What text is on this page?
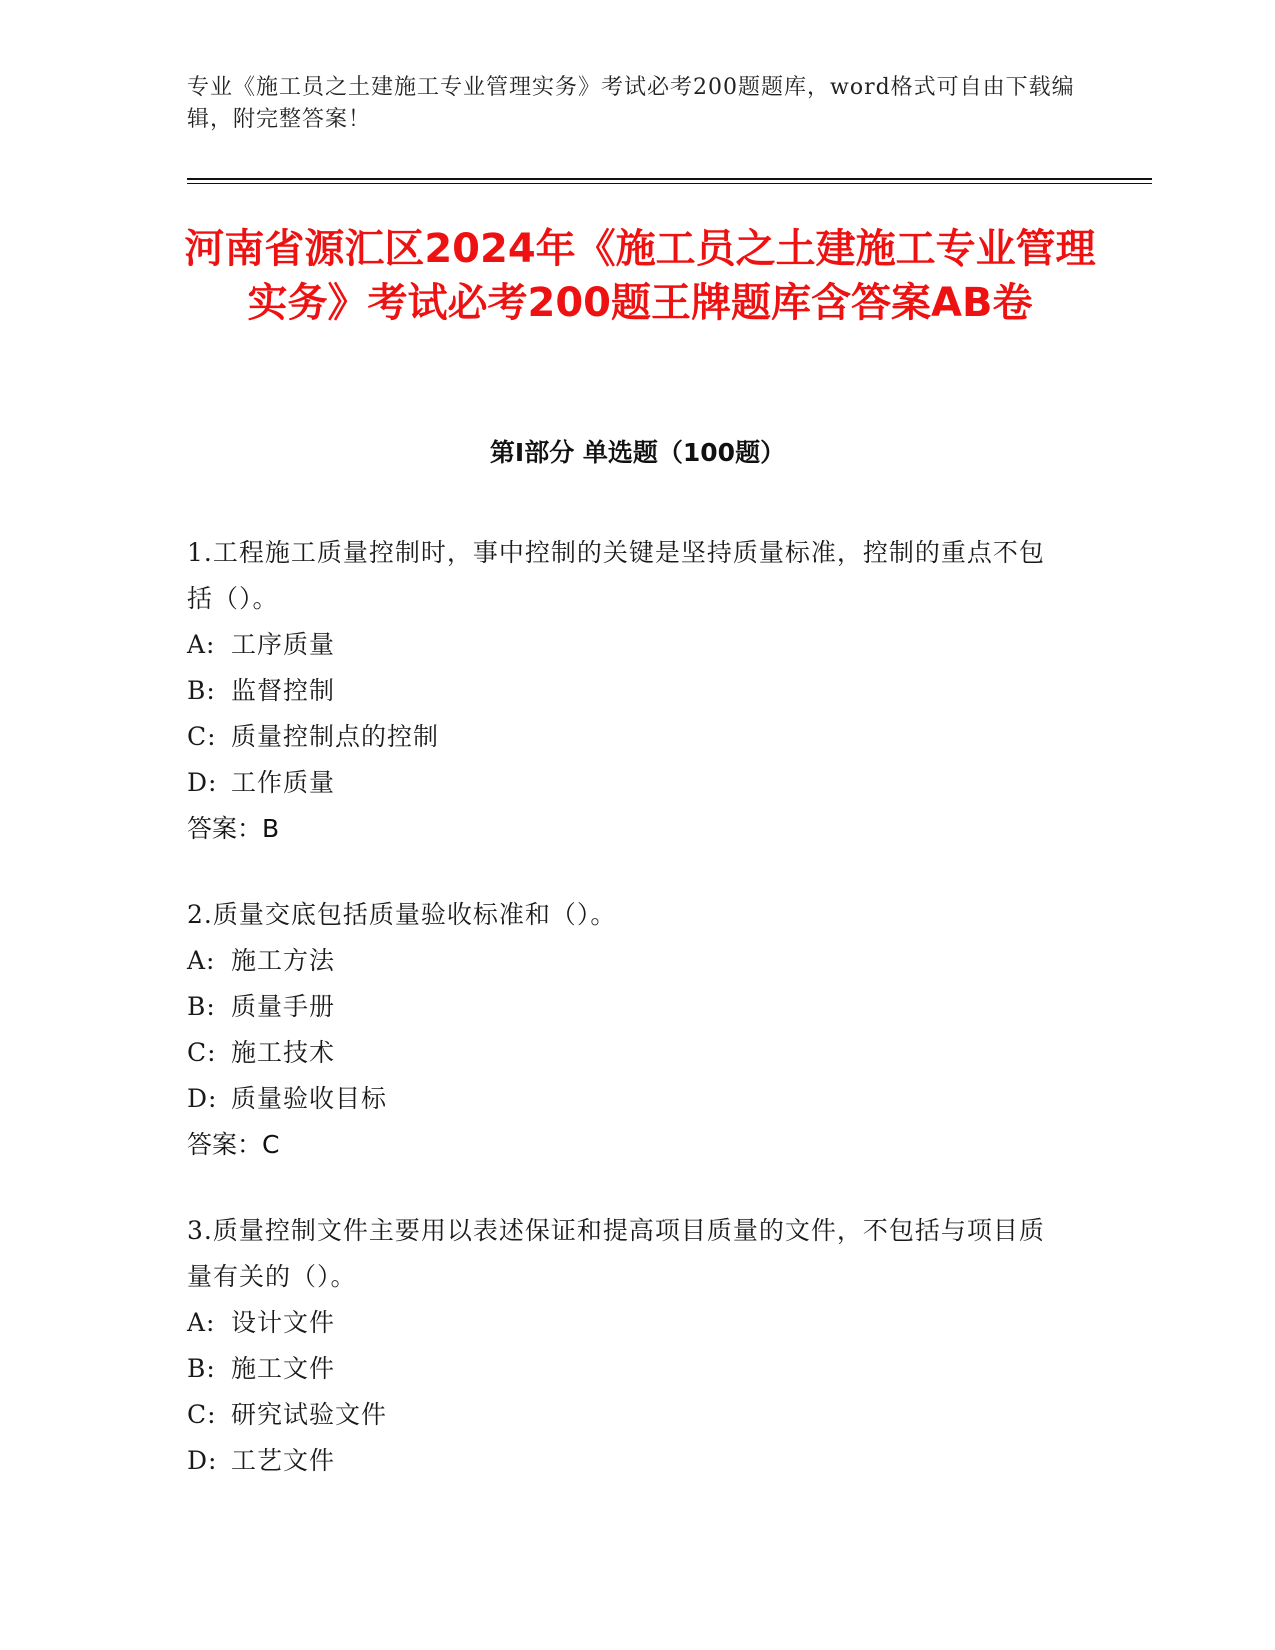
专业《施工员之土建施工专业管理实务》考试必考200题题库，word格式可自由下载编辑，附完整答案！
河南省源汇区2024年《施工员之土建施工专业管理实务》考试必考200题王牌题库含答案AB卷
第I部分 单选题（100题）
1.工程施工质量控制时，事中控制的关键是坚持质量标准，控制的重点不包括（）。
A: 工序质量
B: 监督控制
C: 质量控制点的控制
D: 工作质量
答案：B
2.质量交底包括质量验收标准和（）。
A: 施工方法
B: 质量手册
C: 施工技术
D: 质量验收目标
答案：C
3.质量控制文件主要用以表述保证和提高项目质量的文件，不包括与项目质量有关的（）。
A: 设计文件
B: 施工文件
C: 研究试验文件
D: 工艺文件
